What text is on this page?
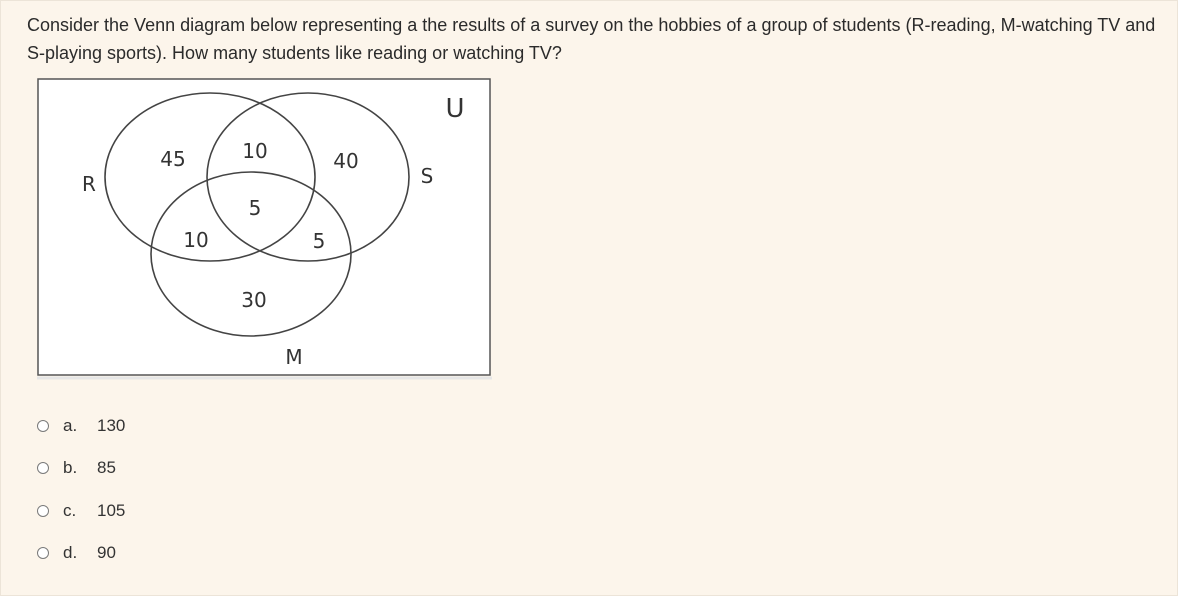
Consider the Venn diagram below representing a the results of a survey on the hobbies of a group of students (R-reading, M-watching TV and S-playing sports). How many students like reading or watching TV?
U
R	S
M
45	10	40
5
10	5
30
a.	130
b.	85
c.	105
d.	90
